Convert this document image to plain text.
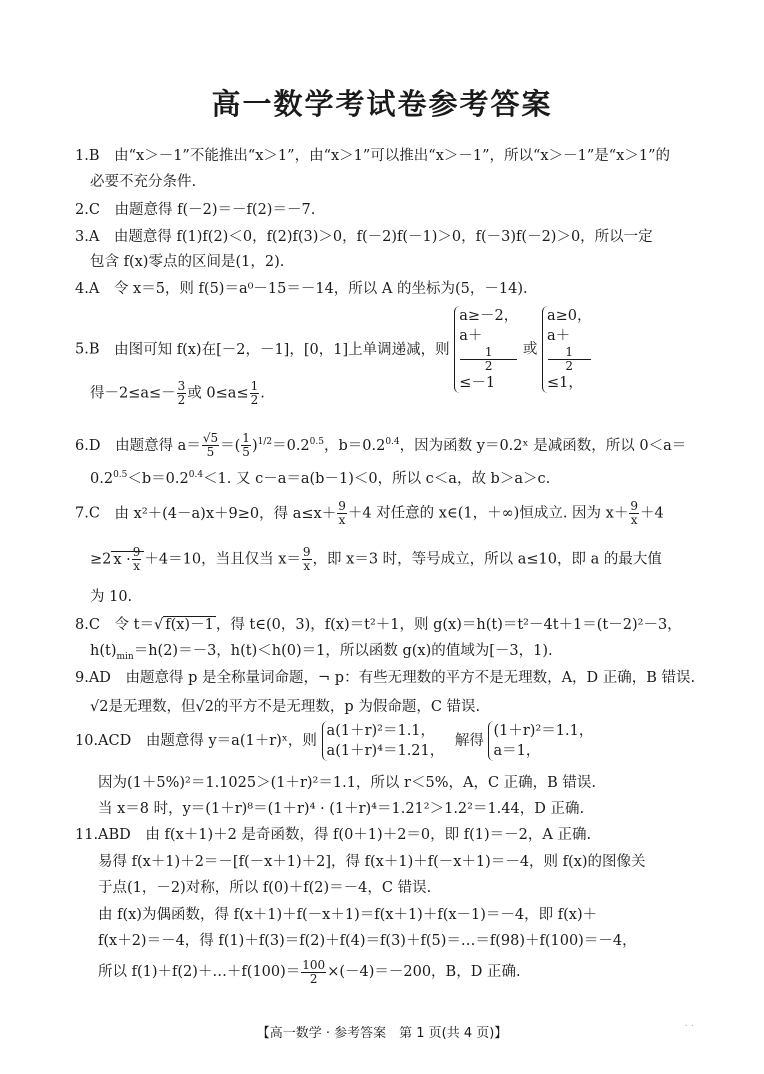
高一数学考试卷参考答案
1.B 由“x＞－1”不能推出“x＞1”，由“x＞1”可以推出“x＞－1”，所以“x＞－1”是“x＞1”的
必要不充分条件.
2.C 由题意得 f(－2)＝－f(2)＝－7.
3.A 由题意得 f(1)f(2)＜0，f(2)f(3)＞0，f(－2)f(－1)＞0，f(－3)f(－2)＞0，所以一定
包含 f(x)零点的区间是(1，2).
4.A 令 x＝5，则 f(5)＝a⁰－15＝－14，所以 A 的坐标为(5，－14).
5.B 由图可知 f(x)在[－2，－1]，[0，1]上单调递减，则
a≥－2，
a＋
1
2
≤－1
或
a≥0，
a＋
1
2
≤1，
得$-2\le a\le- \frac{3}{2}$ 或 $0\le a\le \frac{1}{2}$ .
6.D 由题意得 $a= \frac{√5}{5}$ ＝( $\frac{1}{5} )^{1/2}=0.2^{0.5}$，$b=0.2^{0.4}$，因为函数 y＝0.2ˣ 是减函数，所以 0＜a＝
$0.2^{0.5}<b=0.2^{0.4}<1$. 又 c－a＝a(b－1)＜0，所以 c＜a，故 b＞a＞c.
7.C 由 x²＋(4－a)x＋9≥0，得 $a\le x+ \frac{9}{x} +4$ 对任意的 x∈(1，＋∞)恒成立. 因为 $x+ \frac{9}{x} +4$
≥2 $x \cdot \frac{9}{x} +4=10$，当且仅当 $x= \frac{9}{x}$ ，即 x＝3 时，等号成立，所以 a≤10，即 a 的最大值
为 10.
8.C 令 t＝√ f(x)－1 ，得 t∈(0，3)，f(x)＝t²＋1，则 g(x)＝h(t)＝t²－4t＋1＝(t－2)²－3，
$h(t)_{min}=h(2)=-3$，h(t)＜h(0)＝1，所以函数 g(x)的值域为[－3，1).
9.AD 由题意得 p 是全称量词命题，¬ p：有些无理数的平方不是无理数，A，D 正确，B 错误.
√2是无理数，但√2的平方不是无理数，p 为假命题，C 错误.
10.ACD 由题意得 y＝a(1＋r)ˣ，则
a(1＋r)²＝1.1，
a(1＋r)⁴＝1.21，
解得
(1＋r)²＝1.1，
a＝1，
因为(1＋5%)²＝1.1025＞(1＋r)²＝1.1，所以 r＜5%，A，C 正确，B 错误.
当 x＝8 时，y＝(1＋r)⁸＝(1＋r)⁴ · (1＋r)⁴＝1.21²＞1.2²＝1.44，D 正确.
11.ABD 由 f(x＋1)＋2 是奇函数，得 f(0＋1)＋2＝0，即 f(1)＝－2，A 正确.
易得 f(x＋1)＋2＝－[f(－x＋1)＋2]，得 f(x＋1)＋f(－x＋1)＝－4，则 f(x)的图像关
于点(1，－2)对称，所以 f(0)＋f(2)＝－4，C 错误.
由 f(x)为偶函数，得 f(x＋1)＋f(－x＋1)＝f(x＋1)＋f(x－1)＝－4，即 f(x)＋
f(x＋2)＝－4，得 f(1)＋f(3)＝f(2)＋f(4)＝f(3)＋f(5)＝…＝f(98)＋f(100)＝－4，
所以 f(1)＋f(2)＋…＋f(100)＝ $\frac{100}{2} \times(-4)=-200$，B，D 正确.
【高一数学 · 参考答案　第 1 页(共 4 页)】
. .
